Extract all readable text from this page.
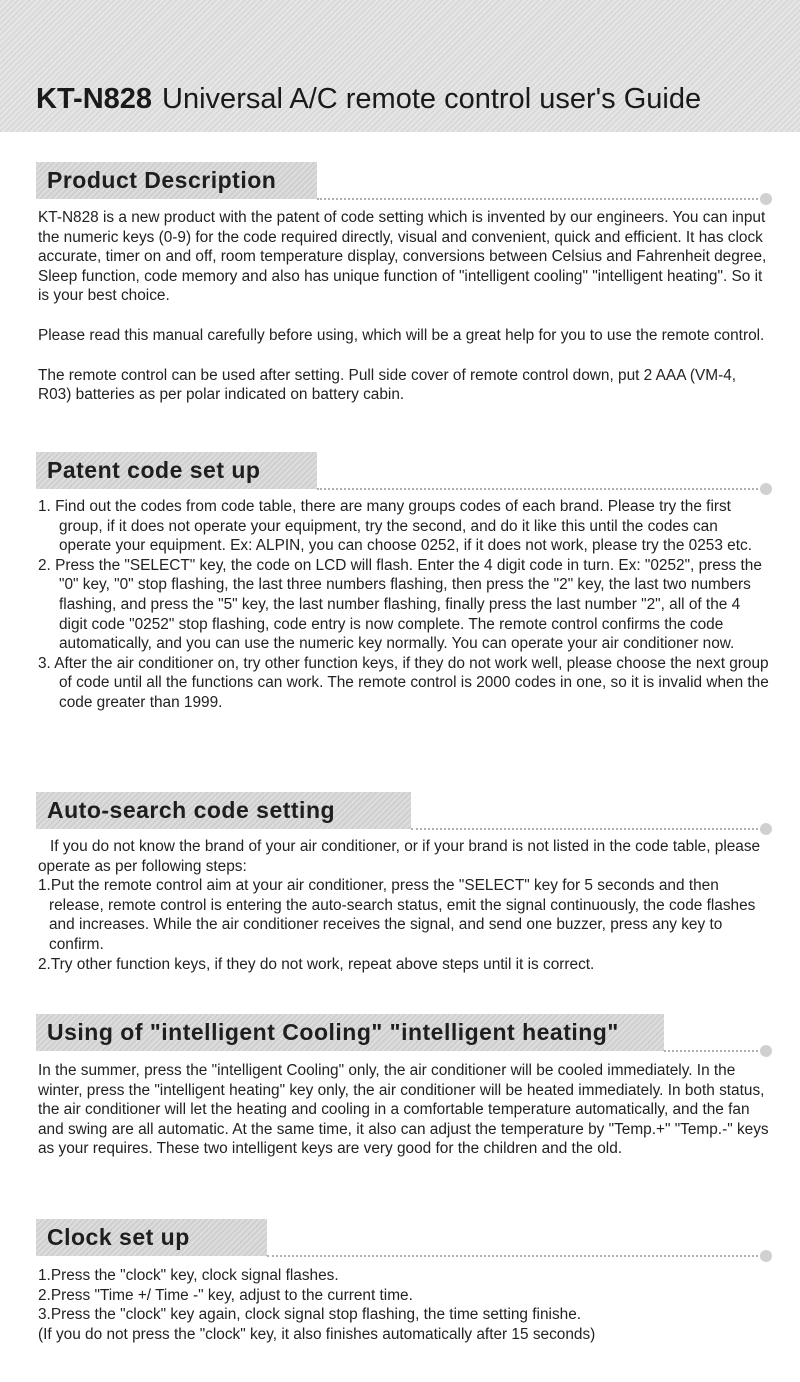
KT-N828 Universal A/C remote control user's Guide
Product Description

KT-N828 is a new product with the patent of code setting which is invented by our engineers. You can input the numeric keys (0-9) for the code required directly, visual and convenient, quick and efficient. It has clock accurate, timer on and off, room temperature display, conversions between Celsius and Fahrenheit degree, Sleep function, code memory and also has unique function of "intelligent cooling" "intelligent heating". So it is your best choice.

Please read this manual carefully before using, which will be a great help for you to use the remote control.

The remote control can be used after setting. Pull side cover of remote control down, put 2 AAA (VM-4, R03) batteries as per polar indicated on battery cabin.

Patent code set up

1. Find out the codes from code table, there are many groups codes of each brand. Please try the first group, if it does not operate your equipment, try the second, and do it like this until the codes can operate your equipment. Ex: ALPIN, you can choose 0252, if it does not work, please try the 0253 etc.

2. Press the "SELECT" key, the code on LCD will flash. Enter the 4 digit code in turn. Ex: "0252", press the "0" key, "0" stop flashing, the last three numbers flashing, then press the "2" key, the last two numbers flashing, and press the "5" key, the last number flashing, finally press the last number "2", all of the 4 digit code "0252" stop flashing, code entry is now complete. The remote control confirms the code automatically, and you can use the numeric key normally. You can operate your air conditioner now.

3. After the air conditioner on, try other function keys, if they do not work well, please choose the next group of code until all the functions can work. The remote control is 2000 codes in one, so it is invalid when the code greater than 1999.

Auto-search code setting

If you do not know the brand of your air conditioner, or if your brand is not listed in the code table, please operate as per following steps:

1.Put the remote control aim at your air conditioner, press the "SELECT" key for 5 seconds and then release, remote control is entering the auto-search status, emit the signal continuously, the code flashes and increases. While the air conditioner receives the signal, and send one buzzer, press any key to confirm.

2.Try other function keys, if they do not work, repeat above steps until it is correct.

Using of "intelligent Cooling" "intelligent heating"

In the summer, press the "intelligent Cooling" only, the air conditioner will be cooled immediately. In the winter, press the "intelligent heating" key only, the air conditioner will be heated immediately. In both status, the air conditioner will let the heating and cooling in a comfortable temperature automatically, and the fan and swing are all automatic. At the same time, it also can adjust the temperature by "Temp.+" "Temp.-" keys as your requires. These two intelligent keys are very good for the children and the old.

Clock set up

1.Press the "clock" key, clock signal flashes.

2.Press "Time +/ Time -" key, adjust to the current time.

3.Press the "clock" key again, clock signal stop flashing, the time setting finishe.

(If you do not press the "clock" key, it also finishes automatically after 15 seconds)
